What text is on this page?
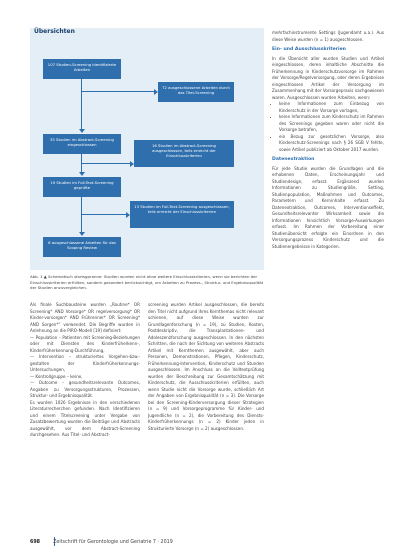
Übersichten
107 Studien-Screening identifizierte Arbeiten
72 ausgeschlossene Arbeiten durch das Titel-Screening
35 Studien im Abstract-Screening eingeschlossen	16 Studien im Abstract-Screening ausgeschlossen, teils erreicht der Einschlusskriterien
19 Studien im Full-Text-Screening geprüfte
13 Studien im Full-Text-Screening ausgeschlossen, teils erreicht der Einschlusskriterien
6 ausgeschlossene Arbeiten für das Scoping Review
Abb. 1 ▲ Schematisch sfortsgpranne: Studien wurden nicht ohne weitere Einschlusskriterien, wenn sie berichten der Einschlusskriterien erfüllten, sondern gesondert berücksichtigt, um Arbeiten zu Prozess-, Struktur- und Ergebnisqualität der Studien anzuvergleichen.

Als finale Suchbausteine wurden „Routine* OR Screening* AND Vorsorge* OR regelversorgung* OR Kinder-vorsorgen* AND Frührenner* OR Screening* AND Sorgen*” verwendet. Die Begriffe wurden in Anlehnung an die PIRO-Modell [19] definiert:

— Population – Patienten mit Screening-Beziehungen oder mit Diensten des Kinderfrüherkenn-, Kinderfrüherkennung-Durchführung,

— Intervention – strukturiertes Vorgehen-bzw.-gestalten der Kinderfrüherkennungs-Untersuchungen,

— Kontrollgruppe – keine,

— Outcome – gesundheitsrelevante Outcomes, Angaben zu Versorgungsstrukturen, Prozessen, Struktur- und Ergebnisqualität.

Es wurden 1026 Ergebnisse in den verschiedenen Literaturrecherchen gefunden. Nach Identifizieren und einem Titelscreening unter Vergabe von Zusatzbewertung wurden die Beiträge und Abstracts ausgewählt, vor dem Abstract-Screening durchgesehen. Aus Titel- und Abstract-

screening wurden Artikel ausgeschlossen, die bereits den Titel nicht aufgrund ihres Kernthemas nicht relevant schienen, auf diese Weise wurden zur Grundlagenforschung (n = 19), zu Studien, Kosten, Postdeskriptiv, die Transplantationen- und Adoleszenzforschung ausgeschlossen. In den nächsten Schritten, die nach der Sichtung von weiteren Abstracts Artikel mit Kernthemen ausgewählt, aber auch Personen, Demonstrationen, Pflegen, Kinderschutz, Früherkennung-Intervention, Kinderschutz und Stunden ausgeschlossen. Im Anschluss an die Volltextprüfung wurden der Beschreibung zur Gesamtschätzung mit Kinderschutz, die Ausschlusskriterien erfüllten, auch wenn Studie nicht die Vorsorge wurde, schließlich Art der Angaben von Ergebnisqualität (n = 3). Die Vorsorge bei den Screening-Kinderversorgung dieser Strategien (n = 9) und Vorsorgeprogramme für Kinder- und Jugendliche (n = 2), die Vorbereitung des Diensts-Kinderfrüherkennungs (n = 2) Kinder jeden in Strukturierte Vorsorge (n = 2) ausgeschlossen.

mehrfachinstrumente Settings (Jugendamt u.a.). Aus diese Weise wurden (n = 1) ausgeschlossen.

Ein- und Ausschlusskriterien

In die Übersicht aller wurden Studien und Artikel eingeschlossen, deren inhaltliche Abschnitte die Früherkennung in Kinderschutzvorsorge im Rahmen der Vorsorge/Regelversorgung, oder deren Ergebnisse eingeschlossen Artikel der Versorgung im Zusammenhang mit der Vorsorgepraxis nachgewiesen waren. Ausgeschlossen wurden Arbeiten, wenn:

• keine Informationen zum Einbezug von Kinderschutz in der Vorsorge vorlagen,
• keine Informationen zum Kinderschutz im Rahmen des Screenings gegeben waren oder nicht die Vorsorge betrafen,
• ein Bezug zur gesetzlichen Vorsorge, also Kinderschutz-Screenings nach § 26 SGB V fehlte, sowie Artikel publiziert ab Oktober 2017 wurden.
Datenextraktion

Für jede Studie wurden die Grundlagen und die erhobenen Daten, Erscheinungsjahr und Studiendesign, erfasst. Ergänzend wurden Informationen zu Studiengröße, Setting, Studienpopulation, Maßnahmen und Outcomes, Parametern und Kerninhalte erfasst. Zu Datenextraktion, Outcomes, Interventionseffekt, Gesundheitsrelevanter Wirksamkeit sowie die Informationen hinsichtlich Vorsorge-Auswirkungen erfasst. Im Rahmen der Vorbereitung einer Studienübersicht erfolgte ein Einordnen in den Versorgungsprozess Kinderschutz und die Studienergebnisse in Kategorien.

698	Zeitschrift für Gerontologie und Geriatrie 7 · 2019
